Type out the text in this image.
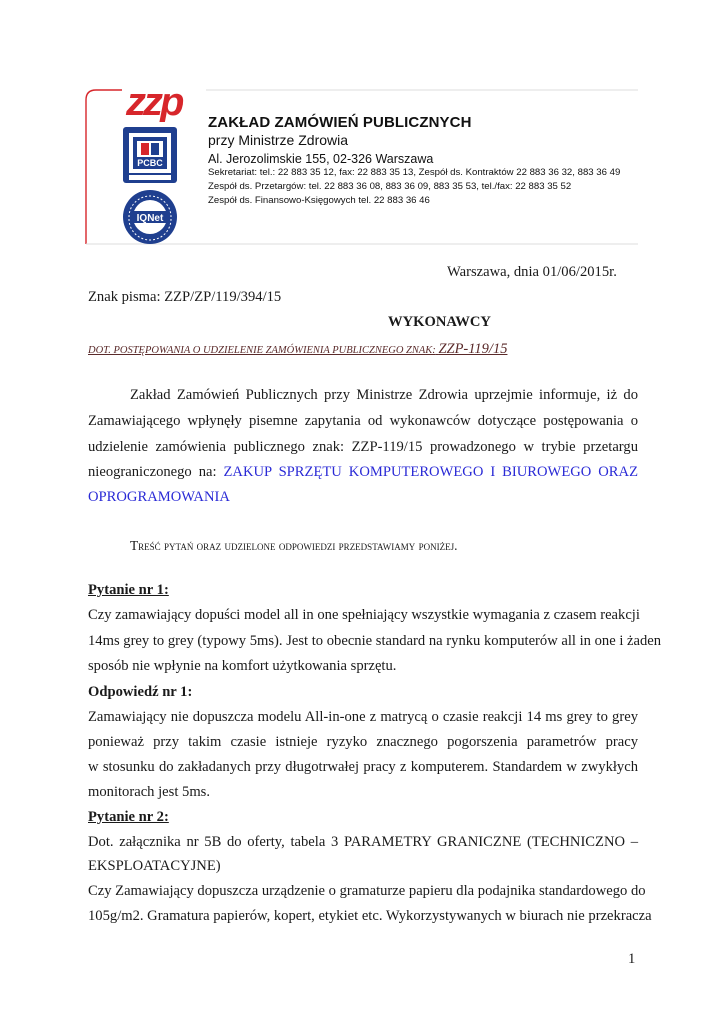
zzp
PCBC
IQNet
ZAKŁAD ZAMÓWIEŃ PUBLICZNYCH
przy Ministrze Zdrowia
Al. Jerozolimskie 155, 02-326 Warszawa
Sekretariat: tel.: 22 883 35 12, fax: 22 883 35 13, Zespół ds. Kontraktów 22 883 36 32, 883 36 49
Zespół ds. Przetargów: tel. 22 883 36 08, 883 36 09, 883 35 53, tel./fax: 22 883 35 52
Zespół ds. Finansowo-Księgowych tel. 22 883 36 46
Warszawa, dnia 01/06/2015r.
Znak pisma: ZZP/ZP/119/394/15
WYKONAWCY
DOT. POSTĘPOWANIA O UDZIELENIE ZAMÓWIENIA PUBLICZNEGO ZNAK: ZZP-119/15
Zakład Zamówień Publicznych przy Ministrze Zdrowia uprzejmie informuje, iż do
Zamawiającego wpłynęły pisemne zapytania od wykonawców dotyczące postępowania o
udzielenie zamówienia publicznego znak: ZZP-119/15 prowadzonego w trybie przetargu
nieograniczonego na: ZAKUP SPRZĘTU KOMPUTEROWEGO I BIUROWEGO ORAZ
OPROGRAMOWANIA
Treść pytań oraz udzielone odpowiedzi przedstawiamy poniżej.
Pytanie nr 1:
Czy zamawiający dopuści model all in one spełniający wszystkie wymagania z czasem reakcji
14ms grey to grey (typowy 5ms). Jest to obecnie standard na rynku komputerów all in one i żaden
sposób nie wpłynie na komfort użytkowania sprzętu.
Odpowiedź nr 1:
Zamawiający nie dopuszcza modelu All-in-one z matrycą o czasie reakcji 14 ms grey to grey
ponieważ przy takim czasie istnieje ryzyko znacznego pogorszenia parametrów pracy
w stosunku do zakładanych przy długotrwałej pracy z komputerem. Standardem w zwykłych
monitorach jest 5ms.
Pytanie nr 2:
Dot. załącznika nr 5B do oferty, tabela 3 PARAMETRY GRANICZNE (TECHNICZNO –
EKSPLOATACYJNE)
Czy Zamawiający dopuszcza urządzenie o gramaturze papieru dla podajnika standardowego do
105g/m2. Gramatura papierów, kopert, etykiet etc. Wykorzystywanych w biurach nie przekracza
1
